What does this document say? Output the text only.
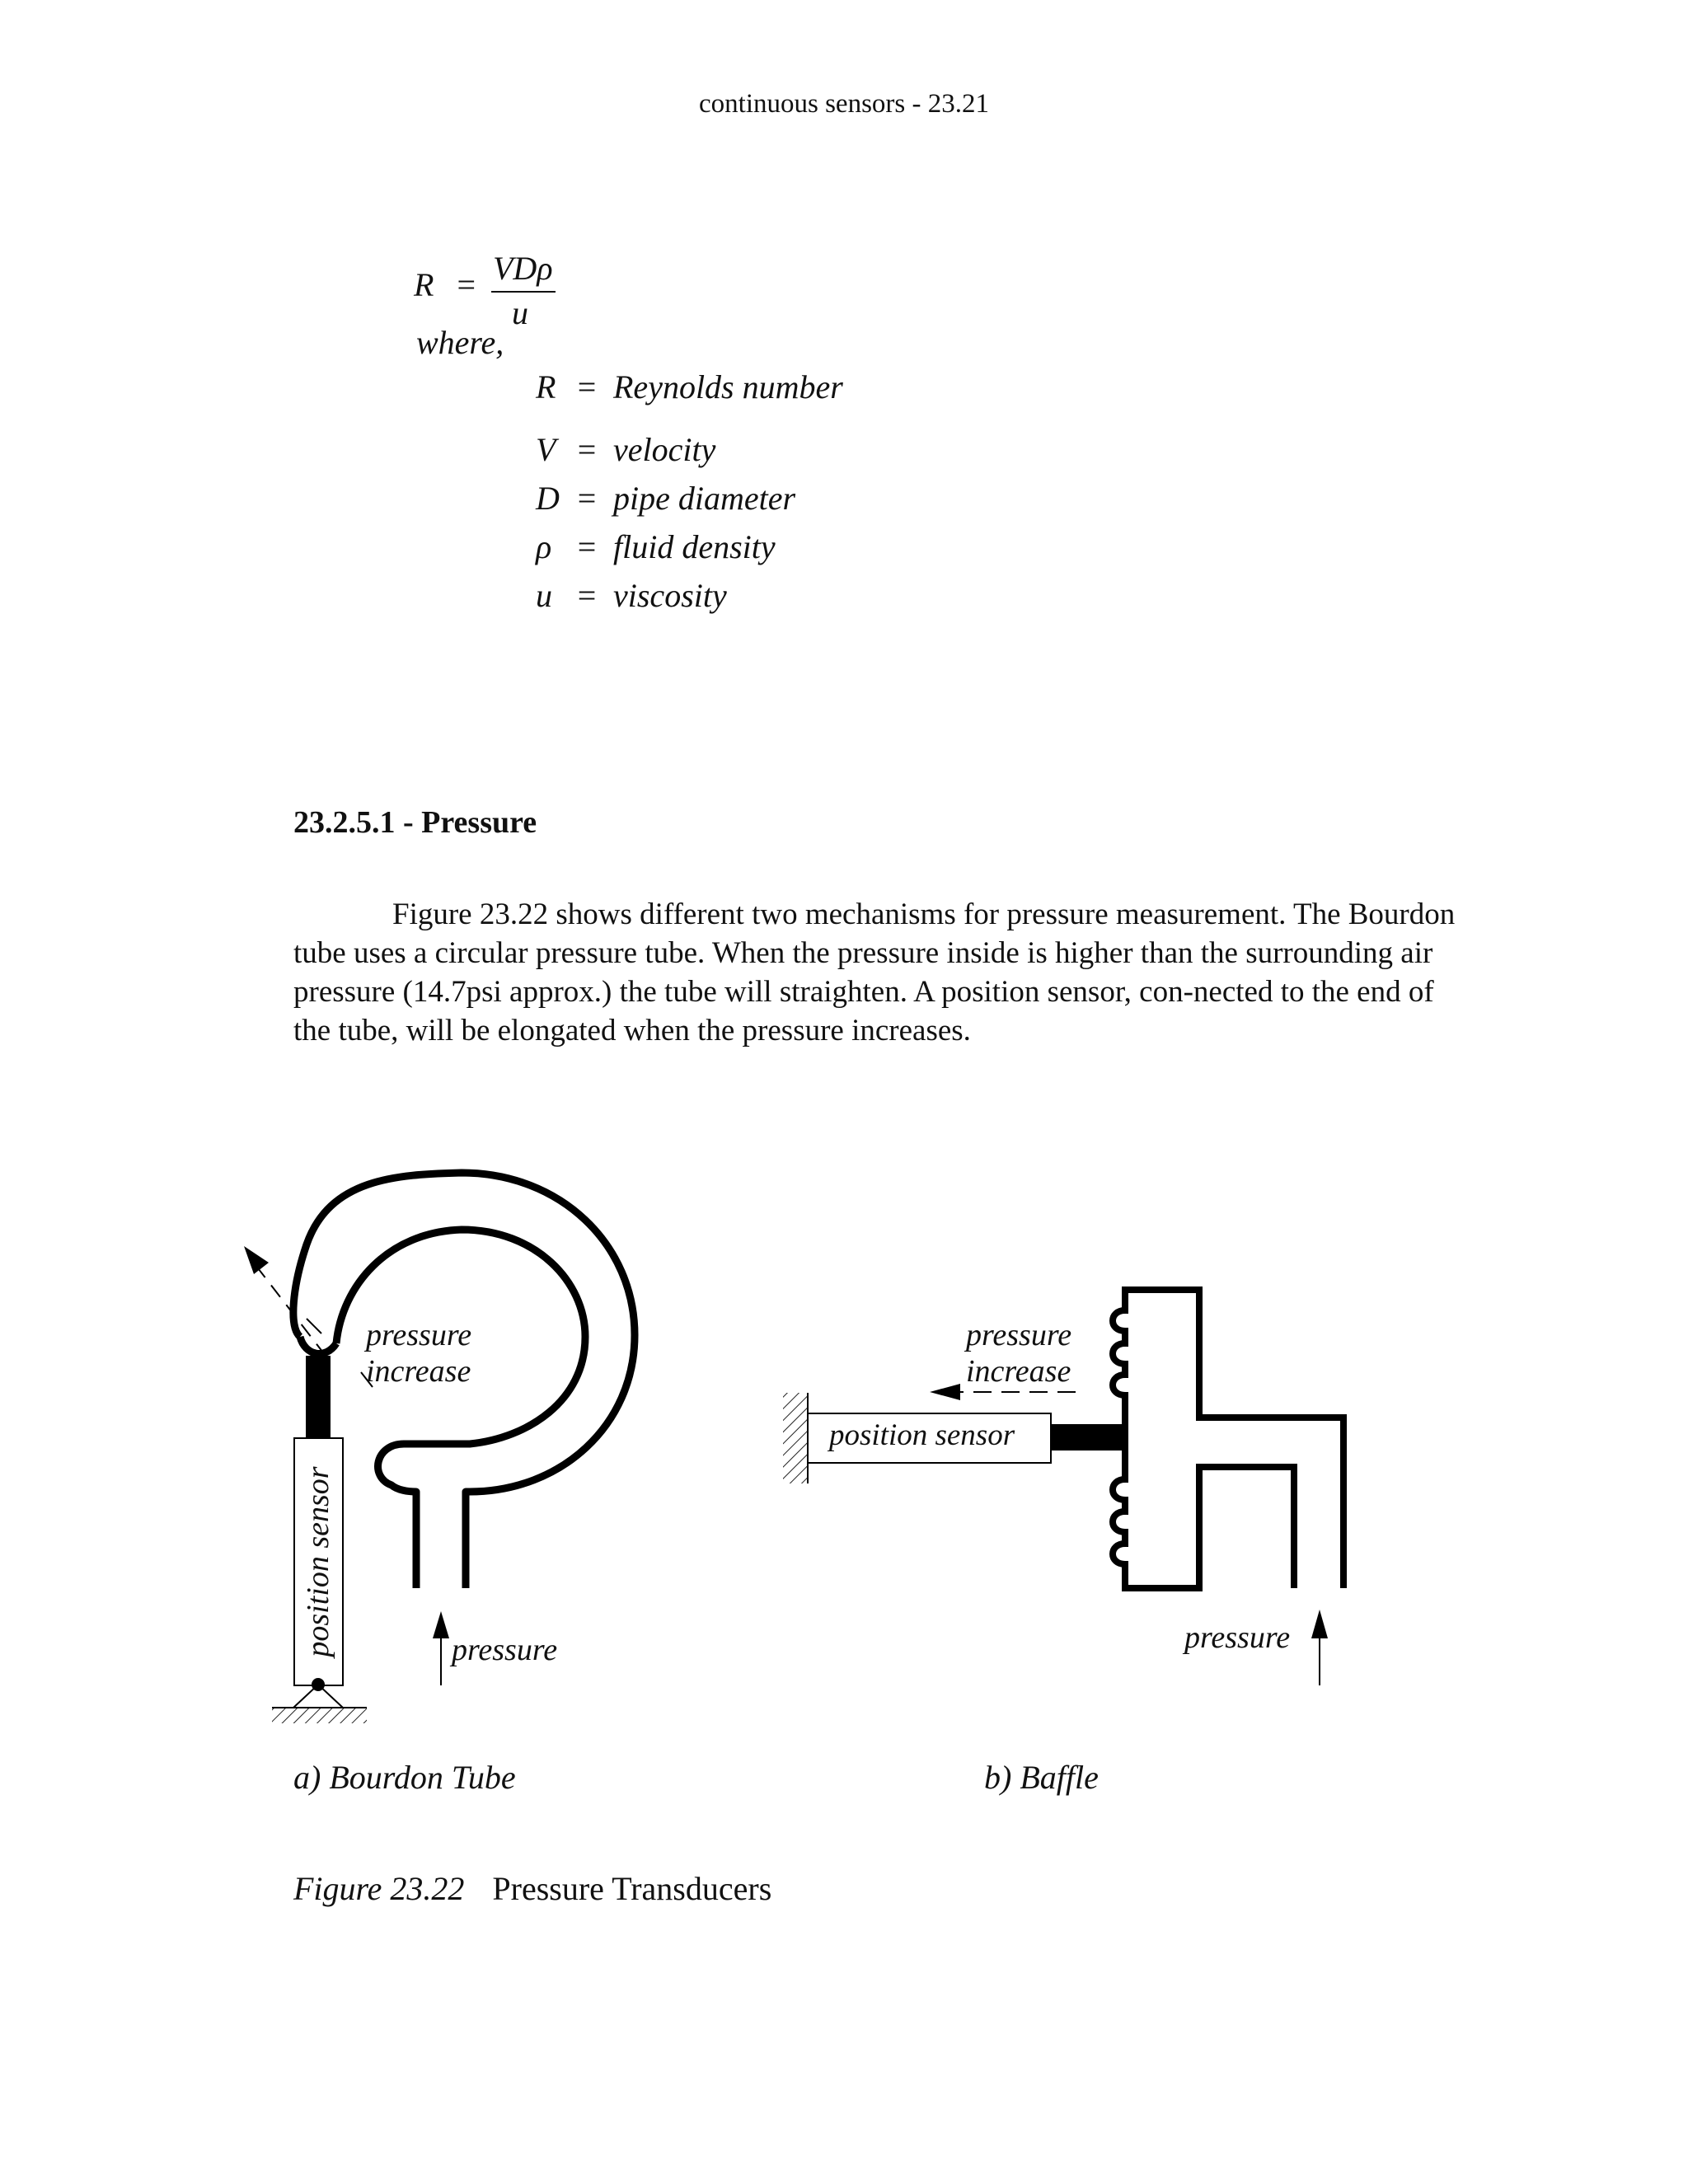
continuous sensors - 23.21
R = VDρ
u
where,
R = Reynolds number
V = velocity
D = pipe diameter
ρ = fluid density
u = viscosity
23.2.5.1 - Pressure

Figure 23.22 shows different two mechanisms for pressure measurement. The Bourdon tube uses a circular pressure tube. When the pressure inside is higher than the surrounding air pressure (14.7psi approx.) the tube will straighten. A position sensor, con-nected to the end of the tube, will be elongated when the pressure increases.

pressure
increase
position sensor	pressure
pressure
increase
position sensor
pressure
a) Bourdon Tube	b) Baffle
Figure 23.22 Pressure Transducers
